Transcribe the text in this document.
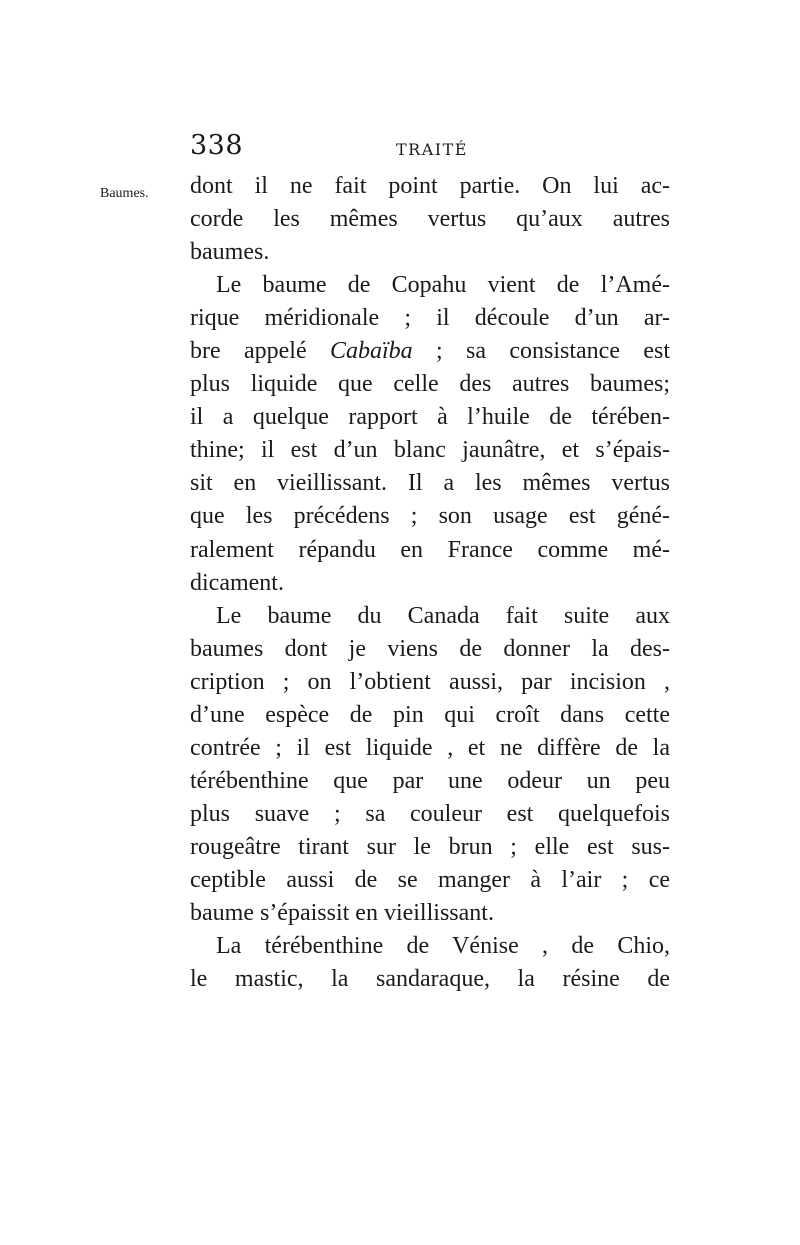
338	TRAITÉ
Baumes. dont il ne fait point partie. On lui ac-
corde les mêmes vertus qu’aux autres
baumes.
Le baume de Copahu vient de l’Amé-
rique méridionale ; il découle d’un ar-
bre appelé Cabaïba ; sa consistance est
plus liquide que celle des autres baumes;
il a quelque rapport à l’huile de térében-
thine; il est d’un blanc jaunâtre, et s’épais-
sit en vieillissant. Il a les mêmes vertus
que les précédens ; son usage est géné-
ralement répandu en France comme mé-
dicament.
Le baume du Canada fait suite aux
baumes dont je viens de donner la des-
cription ; on l’obtient aussi, par incision ,
d’une espèce de pin qui croît dans cette
contrée ; il est liquide , et ne diffère de la
térébenthine que par une odeur un peu
plus suave ; sa couleur est quelquefois
rougeâtre tirant sur le brun ; elle est sus-
ceptible aussi de se manger à l’air ; ce
baume s’épaissit en vieillissant.
La térébenthine de Vénise , de Chio,
le mastic, la sandaraque, la résine de
